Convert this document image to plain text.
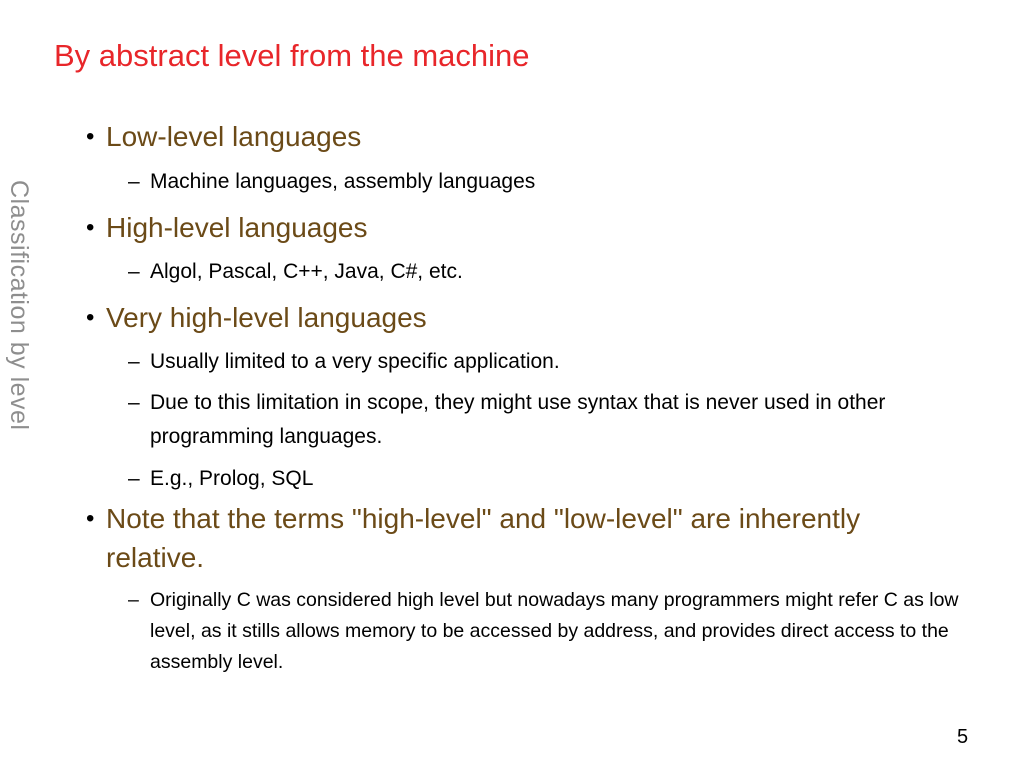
By abstract level from the machine
Classification by level
• Low-level languages
– Machine languages, assembly languages
• High-level languages
– Algol, Pascal, C++, Java, C#, etc.
• Very high-level languages
– Usually limited to a very specific application.
– Due to this limitation in scope, they might use syntax that is never used in other programming languages.
– E.g., Prolog, SQL
• Note that the terms "high-level" and "low-level" are inherently relative.
– Originally C was considered high level but nowadays many programmers might refer C as low level, as it stills allows memory to be accessed by address, and provides direct access to the assembly level.
5
